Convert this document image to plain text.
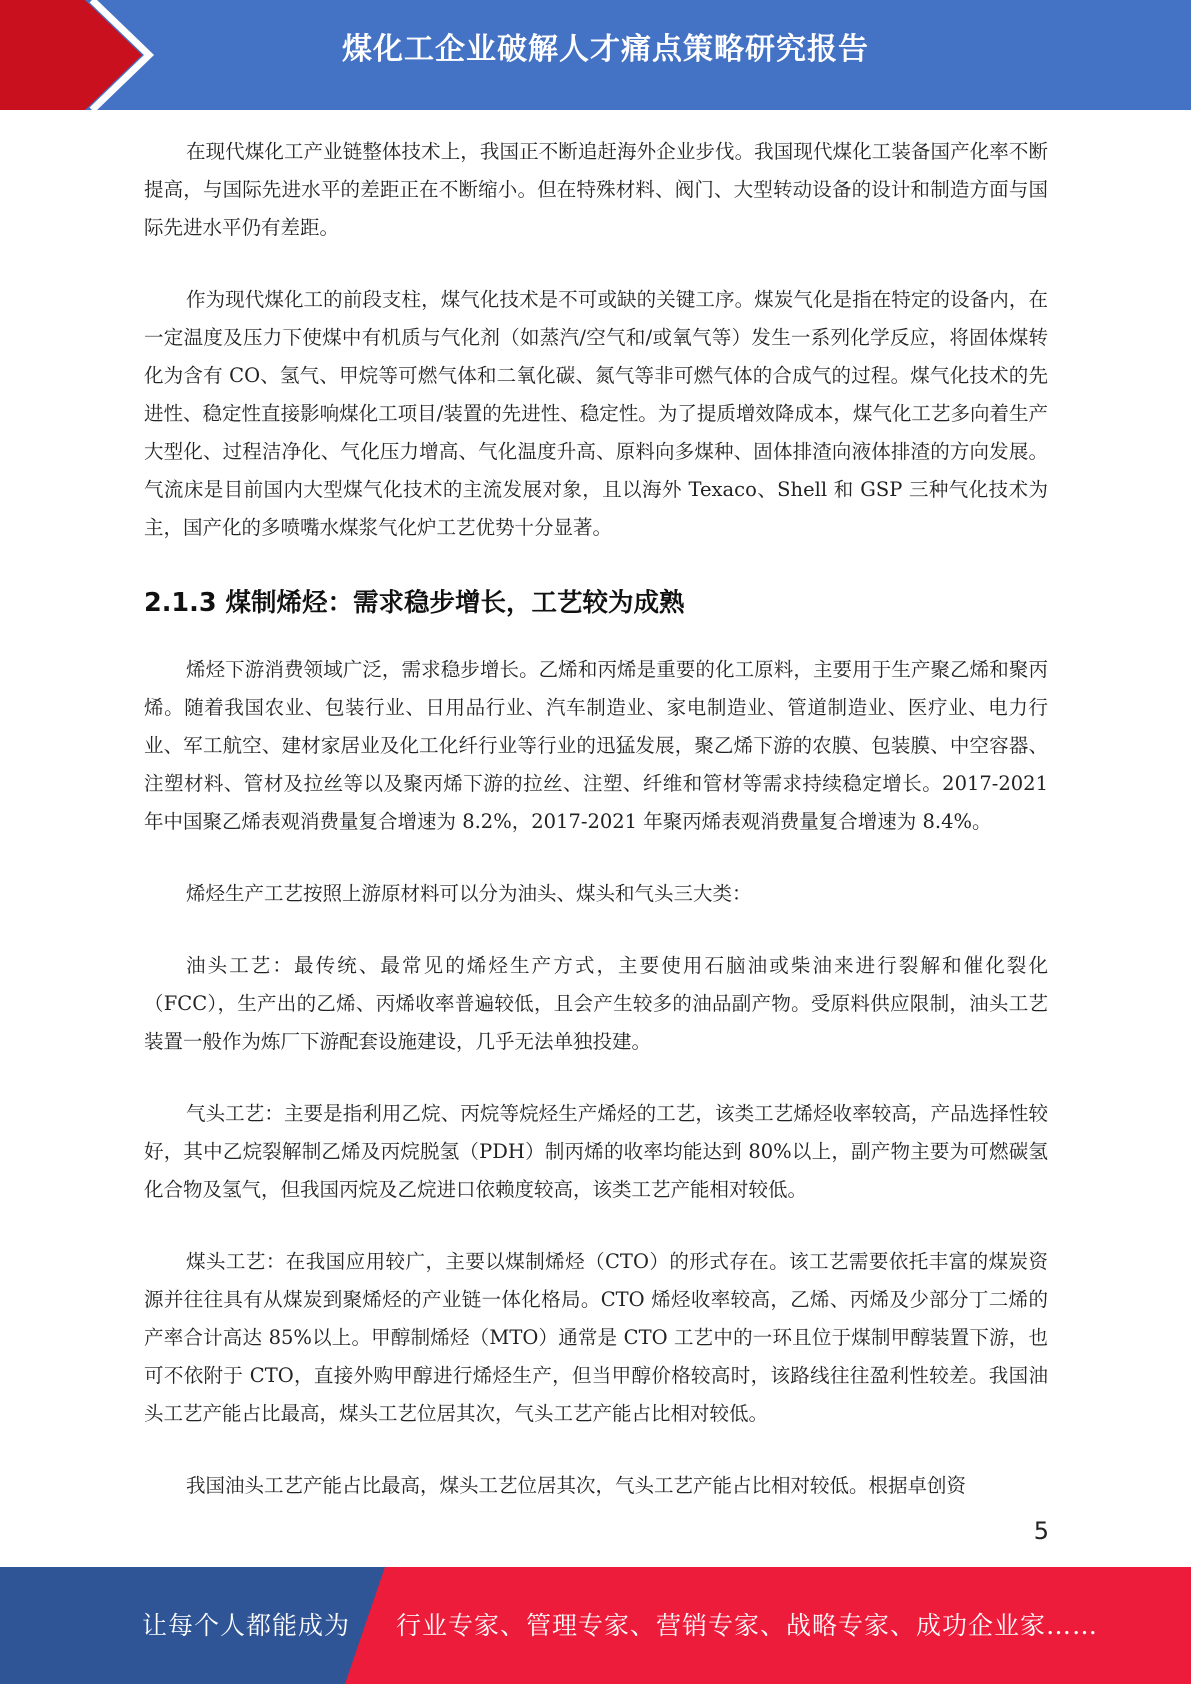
煤化工企业破解人才痛点策略研究报告

在现代煤化工产业链整体技术上，我国正不断追赶海外企业步伐。我国现代煤化工装备国产化率不断提高，与国际先进水平的差距正在不断缩小。但在特殊材料、阀门、大型转动设备的设计和制造方面与国际先进水平仍有差距。

作为现代煤化工的前段支柱，煤气化技术是不可或缺的关键工序。煤炭气化是指在特定的设备内，在一定温度及压力下使煤中有机质与气化剂（如蒸汽/空气和/或氧气等）发生一系列化学反应，将固体煤转化为含有 CO、氢气、甲烷等可燃气体和二氧化碳、氮气等非可燃气体的合成气的过程。煤气化技术的先进性、稳定性直接影响煤化工项目/装置的先进性、稳定性。为了提质增效降成本，煤气化工艺多向着生产大型化、过程洁净化、气化压力增高、气化温度升高、原料向多煤种、固体排渣向液体排渣的方向发展。气流床是目前国内大型煤气化技术的主流发展对象，且以海外 Texaco、Shell 和 GSP 三种气化技术为主，国产化的多喷嘴水煤浆气化炉工艺优势十分显著。

2.1.3 煤制烯烃：需求稳步增长，工艺较为成熟

烯烃下游消费领域广泛，需求稳步增长。乙烯和丙烯是重要的化工原料，主要用于生产聚乙烯和聚丙烯。随着我国农业、包装行业、日用品行业、汽车制造业、家电制造业、管道制造业、医疗业、电力行业、军工航空、建材家居业及化工化纤行业等行业的迅猛发展，聚乙烯下游的农膜、包装膜、中空容器、注塑材料、管材及拉丝等以及聚丙烯下游的拉丝、注塑、纤维和管材等需求持续稳定增长。2017-2021 年中国聚乙烯表观消费量复合增速为 8.2%，2017-2021 年聚丙烯表观消费量复合增速为 8.4%。

烯烃生产工艺按照上游原材料可以分为油头、煤头和气头三大类：

油头工艺：最传统、最常见的烯烃生产方式，主要使用石脑油或柴油来进行裂解和催化裂化（FCC），生产出的乙烯、丙烯收率普遍较低，且会产生较多的油品副产物。受原料供应限制，油头工艺装置一般作为炼厂下游配套设施建设，几乎无法单独投建。

气头工艺：主要是指利用乙烷、丙烷等烷烃生产烯烃的工艺，该类工艺烯烃收率较高，产品选择性较好，其中乙烷裂解制乙烯及丙烷脱氢（PDH）制丙烯的收率均能达到 80%以上，副产物主要为可燃碳氢化合物及氢气，但我国丙烷及乙烷进口依赖度较高，该类工艺产能相对较低。

煤头工艺：在我国应用较广，主要以煤制烯烃（CTO）的形式存在。该工艺需要依托丰富的煤炭资源并往往具有从煤炭到聚烯烃的产业链一体化格局。CTO 烯烃收率较高，乙烯、丙烯及少部分丁二烯的产率合计高达 85%以上。甲醇制烯烃（MTO）通常是 CTO 工艺中的一环且位于煤制甲醇装置下游，也可不依附于 CTO，直接外购甲醇进行烯烃生产，但当甲醇价格较高时，该路线往往盈利性较差。我国油头工艺产能占比最高，煤头工艺位居其次，气头工艺产能占比相对较低。

我国油头工艺产能占比最高，煤头工艺位居其次，气头工艺产能占比相对较低。根据卓创资

5
让每个人都能成为 行业专家、管理专家、营销专家、战略专家、成功企业家……
